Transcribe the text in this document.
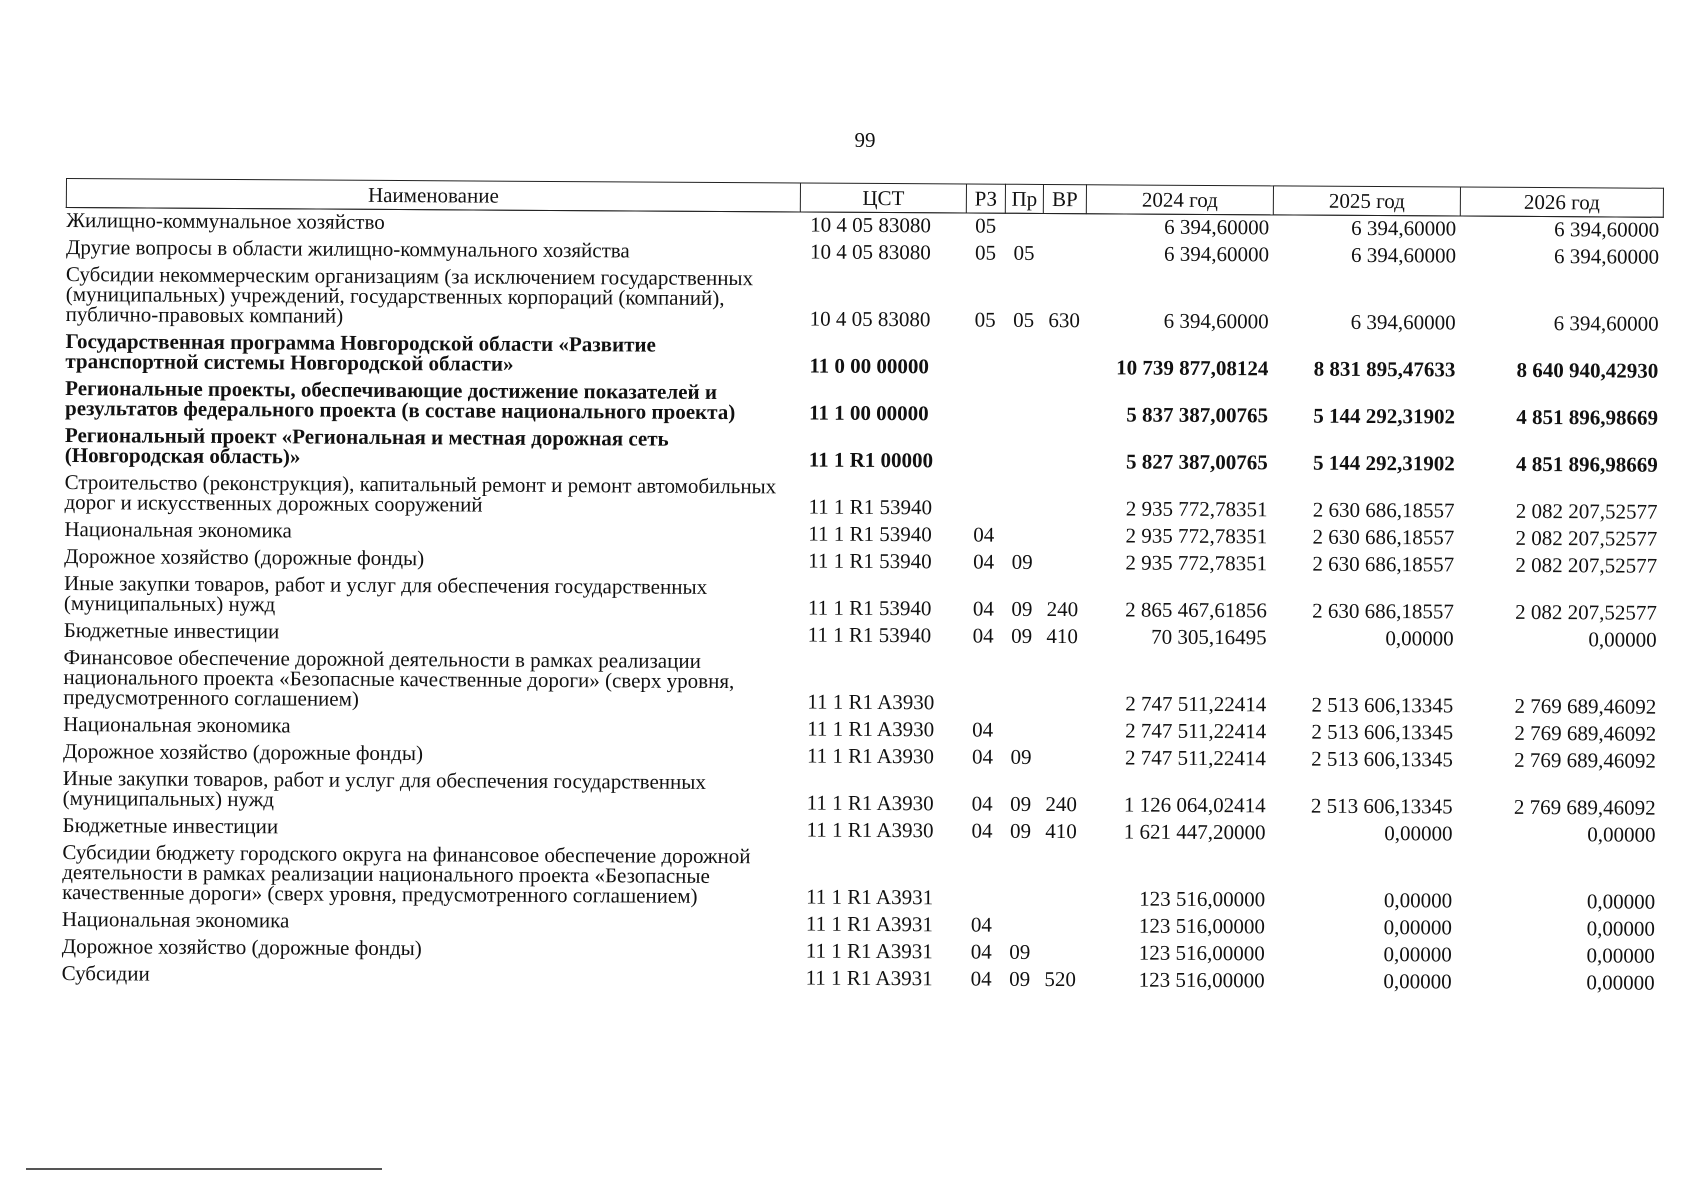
99
Наименование	ЦСТ	РЗ	Пр	ВР	2024 год	2025 год	2026 год
Жилищно-коммунальное хозяйство	10 4 05 83080	05			6 394,60000	6 394,60000	6 394,60000
Другие вопросы в области жилищно-коммунального хозяйства	10 4 05 83080	05	05		6 394,60000	6 394,60000	6 394,60000
Субсидии некоммерческим организациям (за исключением государственных (муниципальных) учреждений, государственных корпораций (компаний), публично-правовых компаний)	10 4 05 83080	05	05	630	6 394,60000	6 394,60000	6 394,60000
Государственная программа Новгородской области «Развитие транспортной системы Новгородской области»	11 0 00 00000				10 739 877,08124	8 831 895,47633	8 640 940,42930
Региональные проекты, обеспечивающие достижение показателей и результатов федерального проекта (в составе национального проекта)	11 1 00 00000				5 837 387,00765	5 144 292,31902	4 851 896,98669
Региональный проект «Региональная и местная дорожная сеть (Новгородская область)»	11 1 R1 00000				5 827 387,00765	5 144 292,31902	4 851 896,98669
Строительство (реконструкция), капитальный ремонт и ремонт автомобильных дорог и искусственных дорожных сооружений	11 1 R1 53940				2 935 772,78351	2 630 686,18557	2 082 207,52577
Национальная экономика	11 1 R1 53940	04			2 935 772,78351	2 630 686,18557	2 082 207,52577
Дорожное хозяйство (дорожные фонды)	11 1 R1 53940	04	09		2 935 772,78351	2 630 686,18557	2 082 207,52577
Иные закупки товаров, работ и услуг для обеспечения государственных (муниципальных) нужд	11 1 R1 53940	04	09	240	2 865 467,61856	2 630 686,18557	2 082 207,52577
Бюджетные инвестиции	11 1 R1 53940	04	09	410	70 305,16495	0,00000	0,00000
Финансовое обеспечение дорожной деятельности в рамках реализации национального проекта «Безопасные качественные дороги» (сверх уровня, предусмотренного соглашением)	11 1 R1 A3930				2 747 511,22414	2 513 606,13345	2 769 689,46092
Национальная экономика	11 1 R1 A3930	04			2 747 511,22414	2 513 606,13345	2 769 689,46092
Дорожное хозяйство (дорожные фонды)	11 1 R1 A3930	04	09		2 747 511,22414	2 513 606,13345	2 769 689,46092
Иные закупки товаров, работ и услуг для обеспечения государственных (муниципальных) нужд	11 1 R1 A3930	04	09	240	1 126 064,02414	2 513 606,13345	2 769 689,46092
Бюджетные инвестиции	11 1 R1 A3930	04	09	410	1 621 447,20000	0,00000	0,00000
Субсидии бюджету городского округа на финансовое обеспечение дорожной деятельности в рамках реализации национального проекта «Безопасные качественные дороги» (сверх уровня, предусмотренного соглашением)	11 1 R1 A3931				123 516,00000	0,00000	0,00000
Национальная экономика	11 1 R1 A3931	04			123 516,00000	0,00000	0,00000
Дорожное хозяйство (дорожные фонды)	11 1 R1 A3931	04	09		123 516,00000	0,00000	0,00000
Субсидии	11 1 R1 A3931	04	09	520	123 516,00000	0,00000	0,00000
